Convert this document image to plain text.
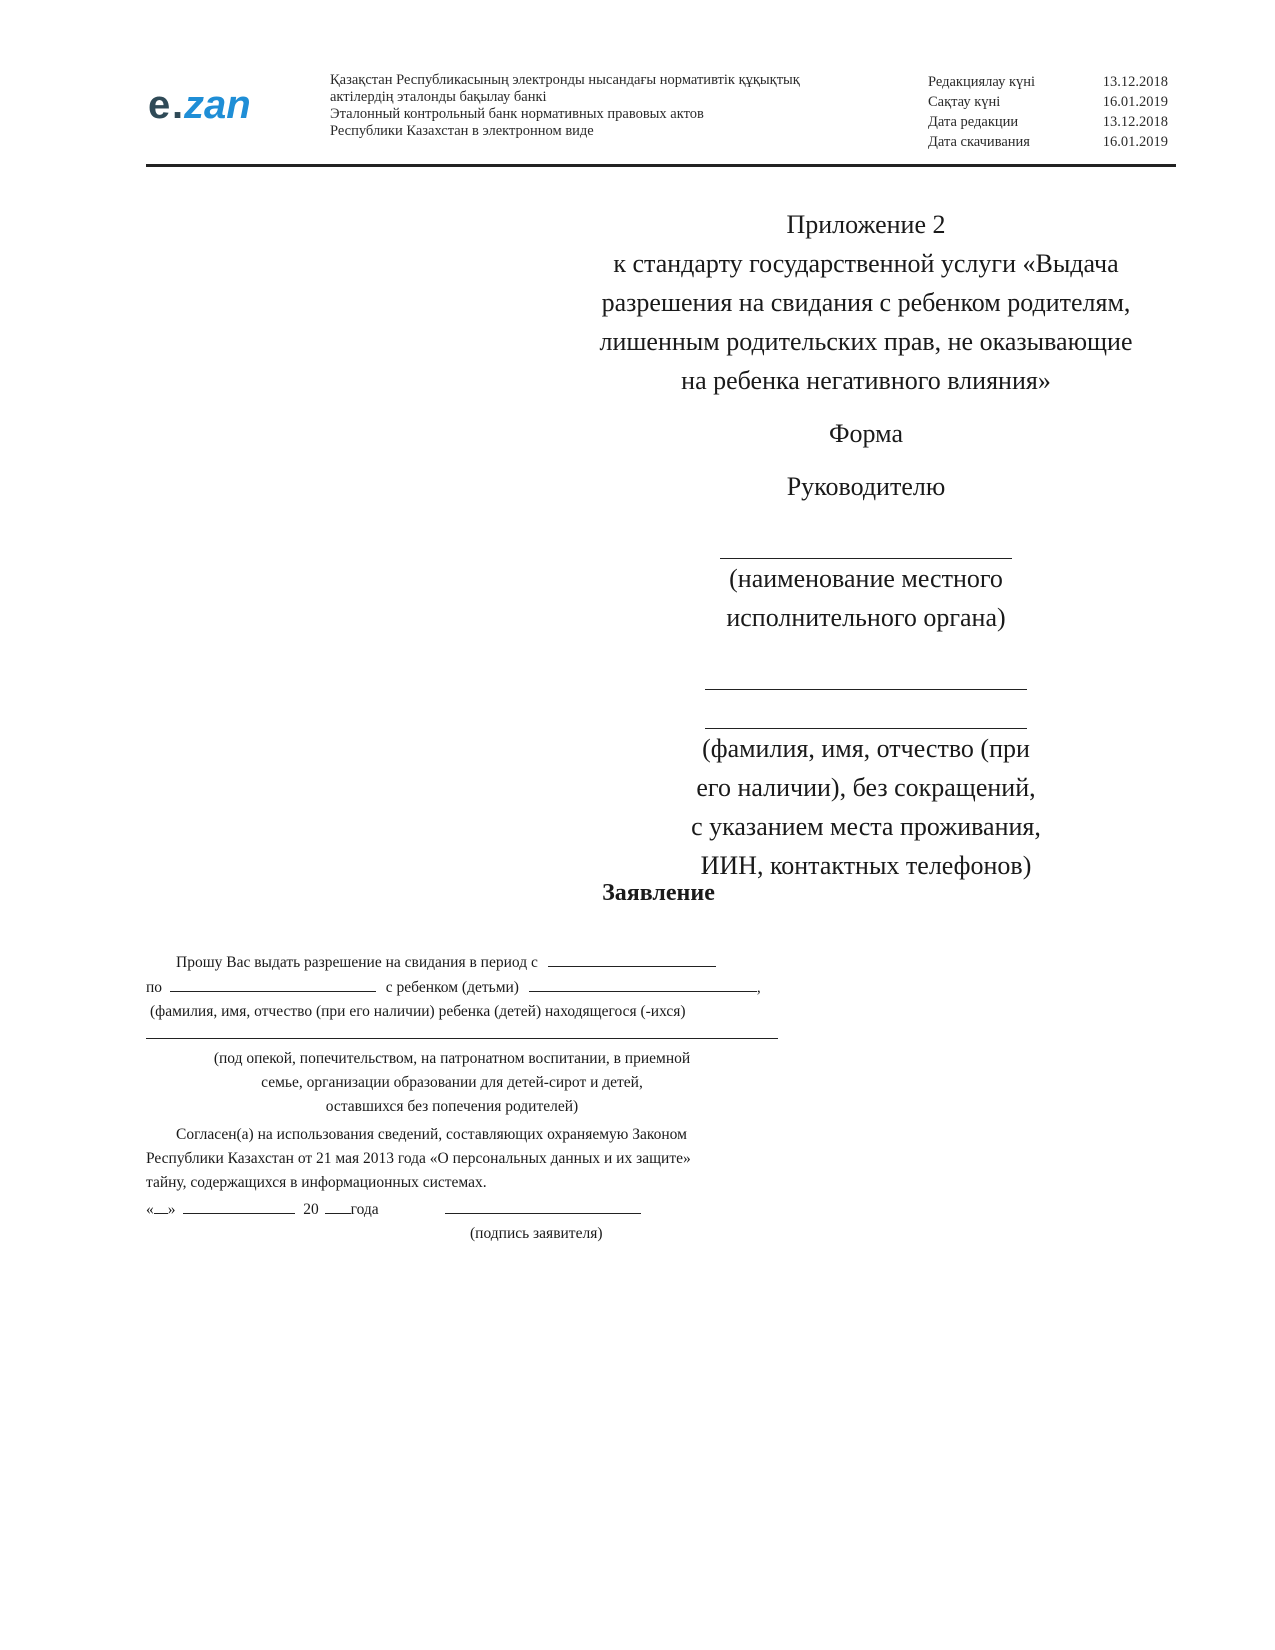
e . zan
Қазақстан Республикасының электронды нысандағы нормативтік құқықтық
актілердің эталонды бақылау банкі
Эталонный контрольный банк нормативных правовых актов
Республики Казахстан в электронном виде
Редакциялау күні	13.12.2018
Сақтау күні	16.01.2019
Дата редакции	13.12.2018
Дата скачивания	16.01.2019
Приложение 2
к стандарту государственной услуги «Выдача
разрешения на свидания с ребенком родителям,
лишенным родительских прав, не оказывающие
на ребенка негативного влияния»
Форма
Руководителю
(наименование местного
исполнительного органа)
(фамилия, имя, отчество (при
его наличии), без сокращений,
с указанием места проживания,
ИИН, контактных телефонов)
Заявление
Прошу Вас выдать разрешение на свидания в период с
по	с ребенком (детьми)	,
(фамилия, имя, отчество (при его наличии) ребенка (детей) находящегося (-ихся)
(под опекой, попечительством, на патронатном воспитании, в приемной
семье, организации образовании для детей-сирот и детей,
оставшихся без попечения родителей)
Согласен(а) на использования сведений, составляющих охраняемую Законом
Республики Казахстан от 21 мая 2013 года «О персональных данных и их защите»
тайну, содержащихся в информационных системах.
« »	20 года
(подпись заявителя)
